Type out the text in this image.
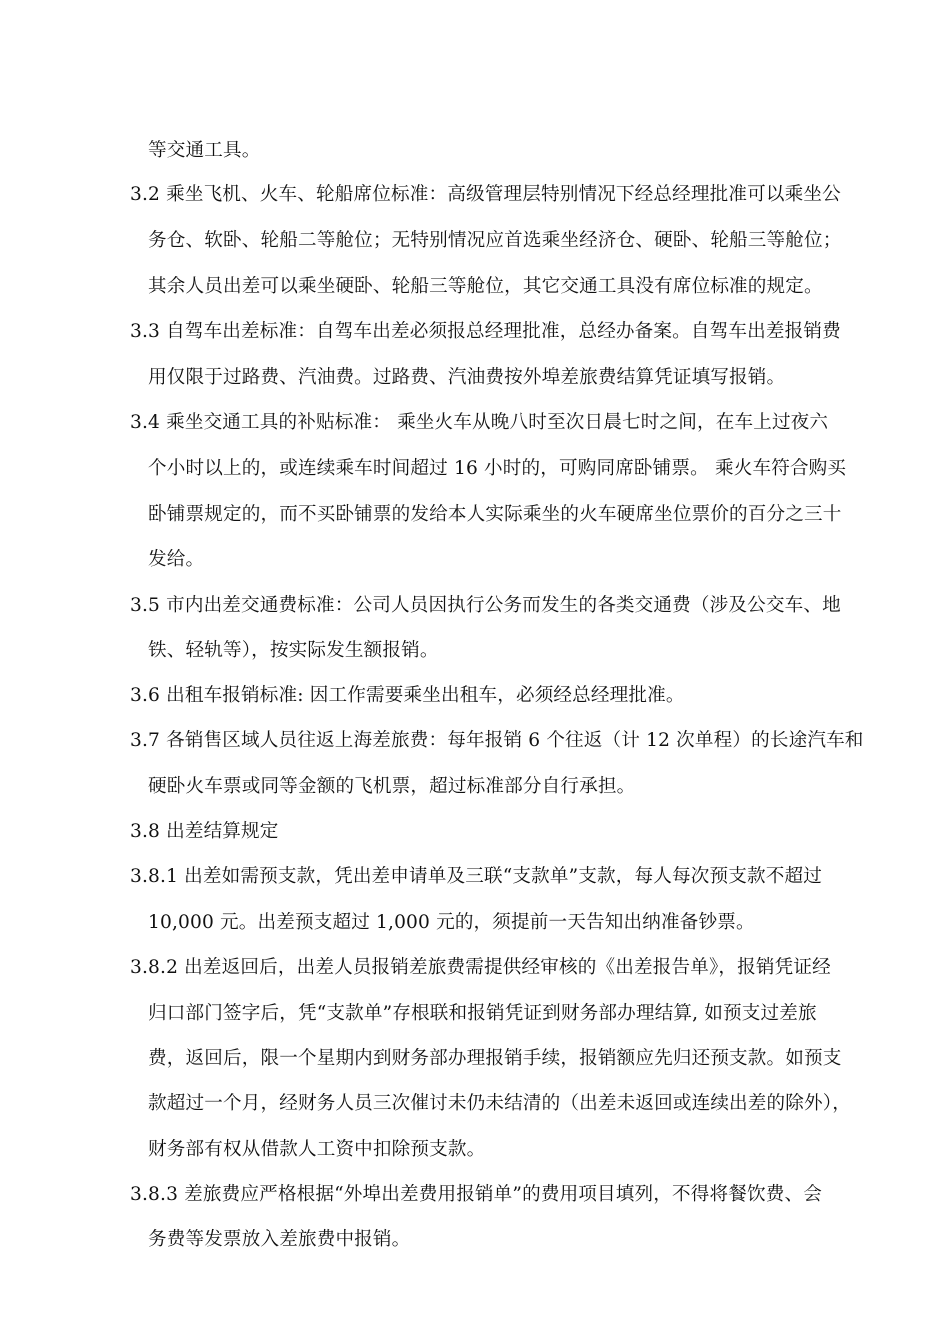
等交通工具。
3.2 乘坐飞机、火车、轮船席位标准：高级管理层特别情况下经总经理批准可以乘坐公
务仓、软卧、轮船二等舱位；无特别情况应首选乘坐经济仓、硬卧、轮船三等舱位；
其余人员出差可以乘坐硬卧、轮船三等舱位，其它交通工具没有席位标准的规定。
3.3 自驾车出差标准：自驾车出差必须报总经理批准，总经办备案。自驾车出差报销费
用仅限于过路费、汽油费。过路费、汽油费按外埠差旅费结算凭证填写报销。
3.4 乘坐交通工具的补贴标准： 乘坐火车从晚八时至次日晨七时之间，在车上过夜六
个小时以上的，或连续乘车时间超过 16 小时的，可购同席卧铺票。 乘火车符合购买
卧铺票规定的，而不买卧铺票的发给本人实际乘坐的火车硬席坐位票价的百分之三十
发给。
3.5 市内出差交通费标准：公司人员因执行公务而发生的各类交通费（涉及公交车、地
铁、轻轨等），按实际发生额报销。
3.6 出租车报销标准: 因工作需要乘坐出租车，必须经总经理批准。
3.7 各销售区域人员往返上海差旅费：每年报销 6 个往返（计 12 次单程）的长途汽车和
硬卧火车票或同等金额的飞机票，超过标准部分自行承担。
3.8 出差结算规定
3.8.1 出差如需预支款，凭出差申请单及三联“支款单”支款，每人每次预支款不超过
10,000 元。出差预支超过 1,000 元的，须提前一天告知出纳准备钞票。
3.8.2 出差返回后，出差人员报销差旅费需提供经审核的《出差报告单》，报销凭证经
归口部门签字后，凭“支款单”存根联和报销凭证到财务部办理结算, 如预支过差旅
费，返回后，限一个星期内到财务部办理报销手续，报销额应先归还预支款。如预支
款超过一个月，经财务人员三次催讨未仍未结清的（出差未返回或连续出差的除外），
财务部有权从借款人工资中扣除预支款。
3.8.3 差旅费应严格根据“外埠出差费用报销单”的费用项目填列，不得将餐饮费、会
务费等发票放入差旅费中报销。
